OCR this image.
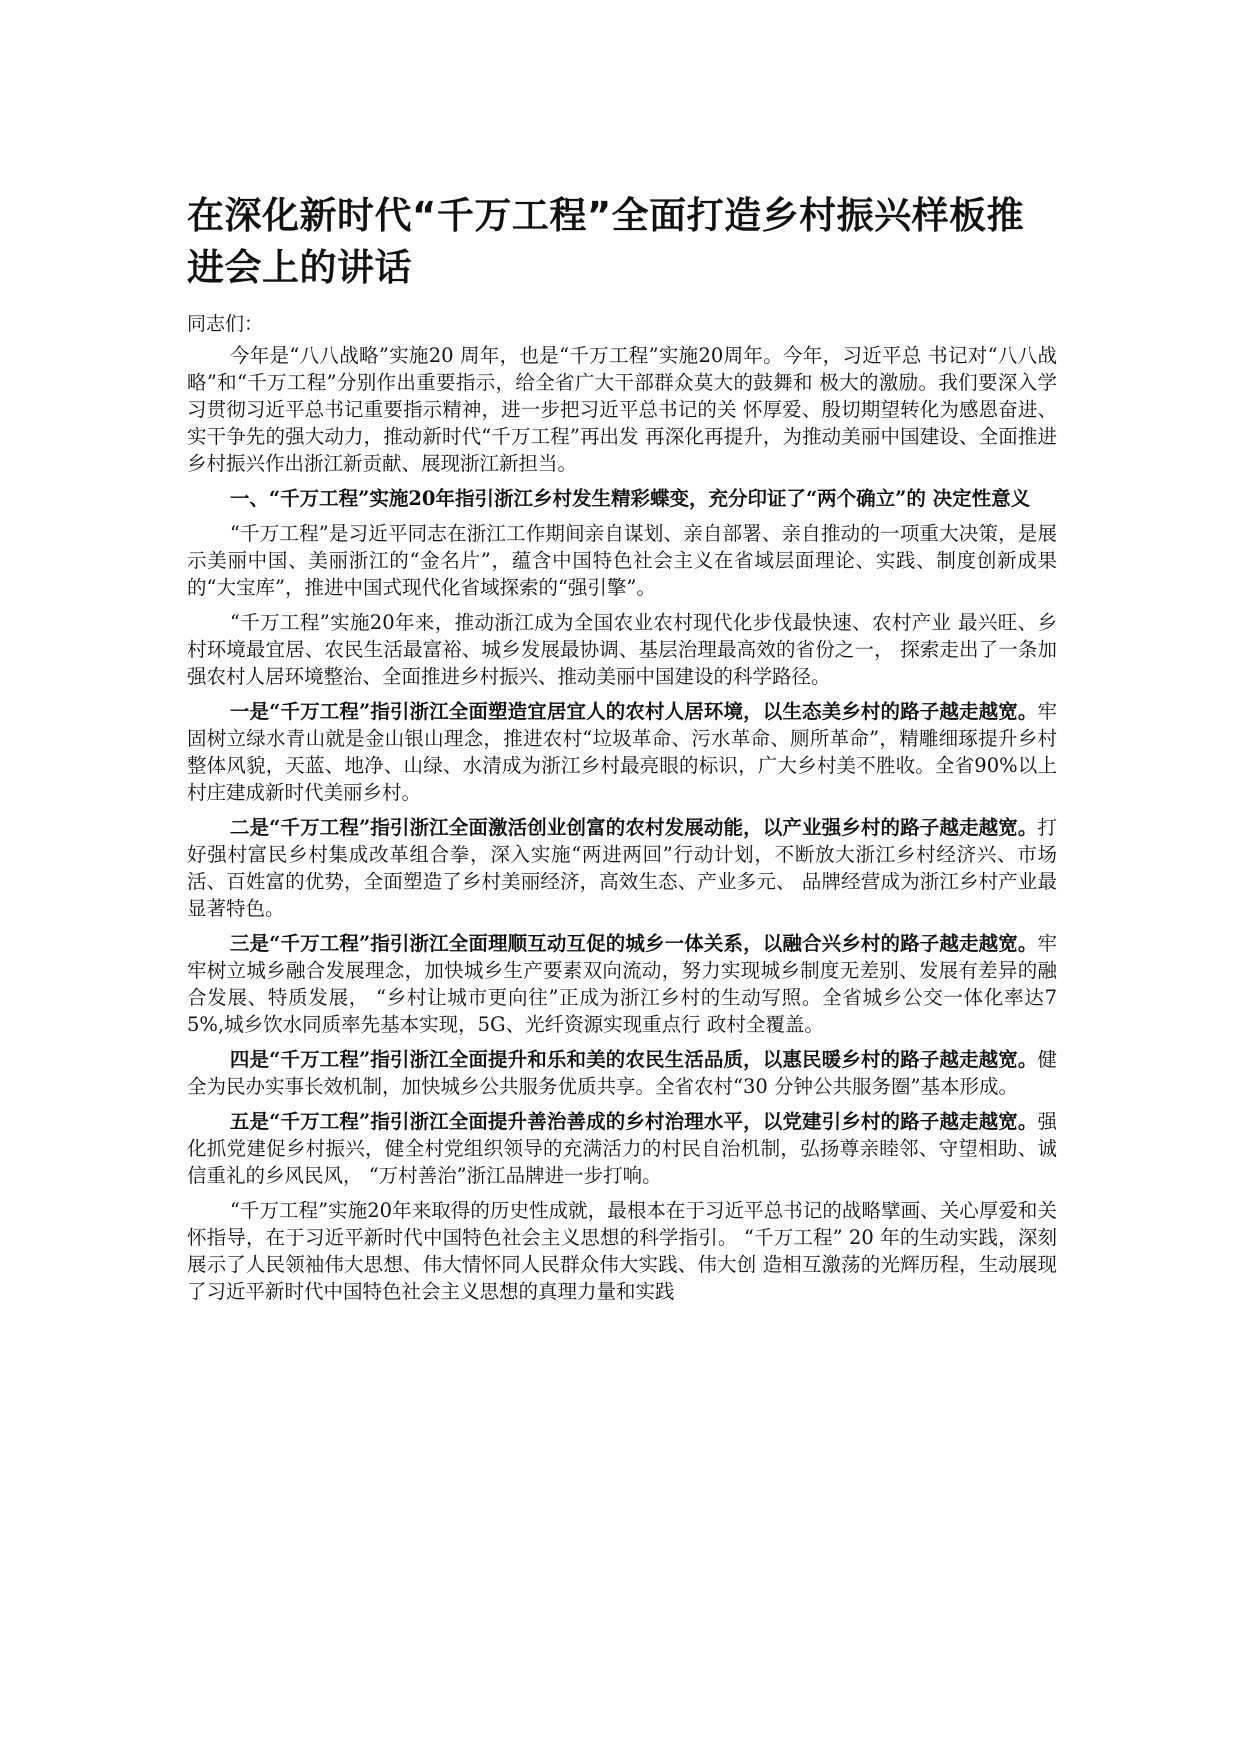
在深化新时代“千万工程”全面打造乡村振兴样板推进会上的讲话

同志们：

今年是“八八战略”实施20 周年，也是“千万工程”实施20周年。今年，习近平总 书记对“八八战略”和“千万工程”分别作出重要指示，给全省广大干部群众莫大的鼓舞和 极大的激励。我们要深入学习贯彻习近平总书记重要指示精神，进一步把习近平总书记的关 怀厚爱、殷切期望转化为感恩奋进、实干争先的强大动力，推动新时代“千万工程”再出发 再深化再提升，为推动美丽中国建设、全面推进乡村振兴作出浙江新贡献、展现浙江新担当。

一、“千万工程”实施20年指引浙江乡村发生精彩蝶变，充分印证了“两个确立”的 决定性意义

“千万工程”是习近平同志在浙江工作期间亲自谋划、亲自部署、亲自推动的一项重大决策，是展示美丽中国、美丽浙江的“金名片”，蕴含中国特色社会主义在省域层面理论、实践、制度创新成果的“大宝库”，推进中国式现代化省域探索的“强引擎”。

“千万工程”实施20年来，推动浙江成为全国农业农村现代化步伐最快速、农村产业 最兴旺、乡村环境最宜居、农民生活最富裕、城乡发展最协调、基层治理最高效的省份之一， 探索走出了一条加强农村人居环境整治、全面推进乡村振兴、推动美丽中国建设的科学路径。

一是“千万工程”指引浙江全面塑造宜居宜人的农村人居环境，以生态美乡村的路子越走越宽。牢固树立绿水青山就是金山银山理念，推进农村“垃圾革命、污水革命、厕所革命”，精雕细琢提升乡村整体风貌，天蓝、地净、山绿、水清成为浙江乡村最亮眼的标识，广大乡村美不胜收。全省90%以上村庄建成新时代美丽乡村。

二是“千万工程”指引浙江全面激活创业创富的农村发展动能，以产业强乡村的路子越走越宽。打好强村富民乡村集成改革组合拳，深入实施“两进两回”行动计划，不断放大浙江乡村经济兴、市场活、百姓富的优势，全面塑造了乡村美丽经济，高效生态、产业多元、 品牌经营成为浙江乡村产业最显著特色。

三是“千万工程”指引浙江全面理顺互动互促的城乡一体关系，以融合兴乡村的路子越走越宽。牢牢树立城乡融合发展理念，加快城乡生产要素双向流动，努力实现城乡制度无差别、发展有差异的融合发展、特质发展， “乡村让城市更向往”正成为浙江乡村的生动写照。全省城乡公交一体化率达75%,城乡饮水同质率先基本实现，5G、光纤资源实现重点行 政村全覆盖。

四是“千万工程”指引浙江全面提升和乐和美的农民生活品质，以惠民暖乡村的路子越走越宽。健全为民办实事长效机制，加快城乡公共服务优质共享。全省农村“30 分钟公共服务圈”基本形成。

五是“千万工程”指引浙江全面提升善治善成的乡村治理水平，以党建引乡村的路子越走越宽。强化抓党建促乡村振兴，健全村党组织领导的充满活力的村民自治机制，弘扬尊亲睦邻、守望相助、诚信重礼的乡风民风， “万村善治”浙江品牌进一步打响。

“千万工程”实施20年来取得的历史性成就，最根本在于习近平总书记的战略擘画、关心厚爱和关怀指导，在于习近平新时代中国特色社会主义思想的科学指引。 “千万工程” 20 年的生动实践，深刻展示了人民领袖伟大思想、伟大情怀同人民群众伟大实践、伟大创 造相互激荡的光辉历程，生动展现了习近平新时代中国特色社会主义思想的真理力量和实践
